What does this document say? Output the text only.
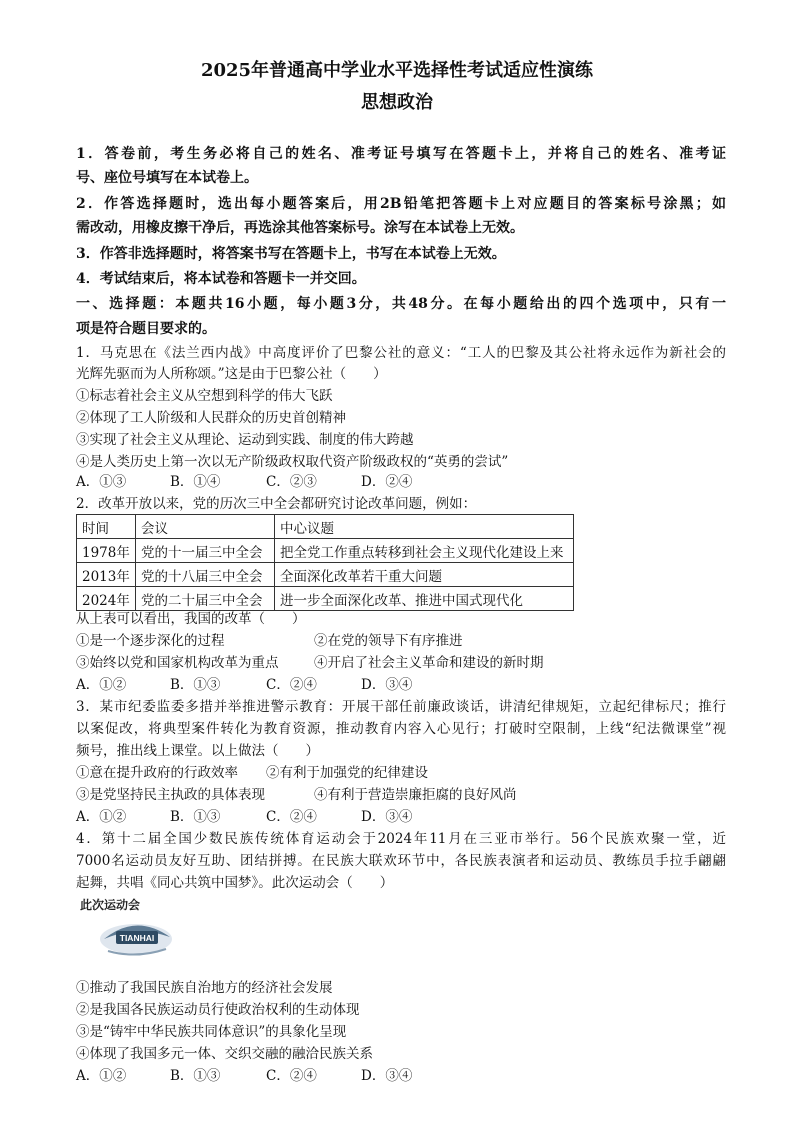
2025年普通高中学业水平选择性考试适应性演练
思想政治
1．答卷前，考生务必将自己的姓名、准考证号填写在答题卡上，并将自己的姓名、准考证
号、座位号填写在本试卷上。
2．作答选择题时，选出每小题答案后，用2B铅笔把答题卡上对应题目的答案标号涂黑；如
需改动，用橡皮擦干净后，再选涂其他答案标号。涂写在本试卷上无效。
3．作答非选择题时，将答案书写在答题卡上，书写在本试卷上无效。
4．考试结束后，将本试卷和答题卡一并交回。
一、选择题：本题共16小题，每小题3分，共48分。在每小题给出的四个选项中，只有一
项是符合题目要求的。
1．马克思在《法兰西内战》中高度评价了巴黎公社的意义：“工人的巴黎及其公社将永远作为新社会的
光辉先驱而为人所称颂。”这是由于巴黎公社（　　）
①标志着社会主义从空想到科学的伟大飞跃
②体现了工人阶级和人民群众的历史首创精神
③实现了社会主义从理论、运动到实践、制度的伟大跨越
④是人类历史上第一次以无产阶级政权取代资产阶级政权的“英勇的尝试”
A．①③	B．①④	C．②③	D．②④
2．改革开放以来，党的历次三中全会都研究讨论改革问题，例如：
时间	会议	中心议题
1978年	党的十一届三中全会	把全党工作重点转移到社会主义现代化建设上来
2013年	党的十八届三中全会	全面深化改革若干重大问题
2024年	党的二十届三中全会	进一步全面深化改革、推进中国式现代化
从上表可以看出，我国的改革（　　）
①是一个逐步深化的过程	②在党的领导下有序推进
③始终以党和国家机构改革为重点	④开启了社会主义革命和建设的新时期
A．①②	B．①③	C．②④	D．③④
3．某市纪委监委多措并举推进警示教育：开展干部任前廉政谈话，讲清纪律规矩，立起纪律标尺；推行
以案促改，将典型案件转化为教育资源，推动教育内容入心见行；打破时空限制，上线“纪法微课堂”视
频号，推出线上课堂。以上做法（　　）
①意在提升政府的行政效率 ②有利于加强党的纪律建设
③是党坚持民主执政的具体表现	④有利于营造崇廉拒腐的良好风尚
A．①②	B．①③	C．②④	D．③④
4．第十二届全国少数民族传统体育运动会于2024年11月在三亚市举行。56个民族欢聚一堂，近
7000名运动员友好互助、团结拼搏。在民族大联欢环节中，各民族表演者和运动员、教练员手拉手翩翩
起舞，共唱《同心共筑中国梦》。此次运动会（　　）
此次运动会
TIANHAI
①推动了我国民族自治地方的经济社会发展
②是我国各民族运动员行使政治权利的生动体现
③是“铸牢中华民族共同体意识”的具象化呈现
④体现了我国多元一体、交织交融的融洽民族关系
A．①②	B．①③	C．②④	D．③④
